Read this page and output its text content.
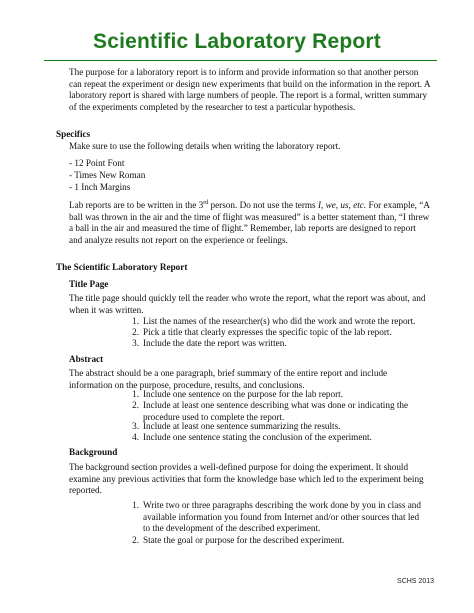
Scientific Laboratory Report
The purpose for a laboratory report is to inform and provide information so that another person can repeat the experiment or design new experiments that build on the information in the report. A laboratory report is shared with large numbers of people. The report is a formal, written summary of the experiments completed by the researcher to test a particular hypothesis.
Specifics
Make sure to use the following details when writing the laboratory report.
- 12 Point Font
- Times New Roman
- 1 Inch Margins
Lab reports are to be written in the 3rd person. Do not use the terms I, we, us, etc. For example, “A ball was thrown in the air and the time of flight was measured” is a better statement than, “I threw a ball in the air and measured the time of flight.” Remember, lab reports are designed to report and analyze results not report on the experience or feelings.
The Scientific Laboratory Report
Title Page
The title page should quickly tell the reader who wrote the report, what the report was about, and when it was written.
1. List the names of the researcher(s) who did the work and wrote the report.
2. Pick a title that clearly expresses the specific topic of the lab report.
3. Include the date the report was written.
Abstract
The abstract should be a one paragraph, brief summary of the entire report and include information on the purpose, procedure, results, and conclusions.
1. Include one sentence on the purpose for the lab report.
2. Include at least one sentence describing what was done or indicating the procedure used to complete the report.
3. Include at least one sentence summarizing the results.
4. Include one sentence stating the conclusion of the experiment.
Background
The background section provides a well-defined purpose for doing the experiment. It should examine any previous activities that form the knowledge base which led to the experiment being reported.
1. Write two or three paragraphs describing the work done by you in class and available information you found from Internet and/or other sources that led to the development of the described experiment.
2. State the goal or purpose for the described experiment.
SCHS 2013
